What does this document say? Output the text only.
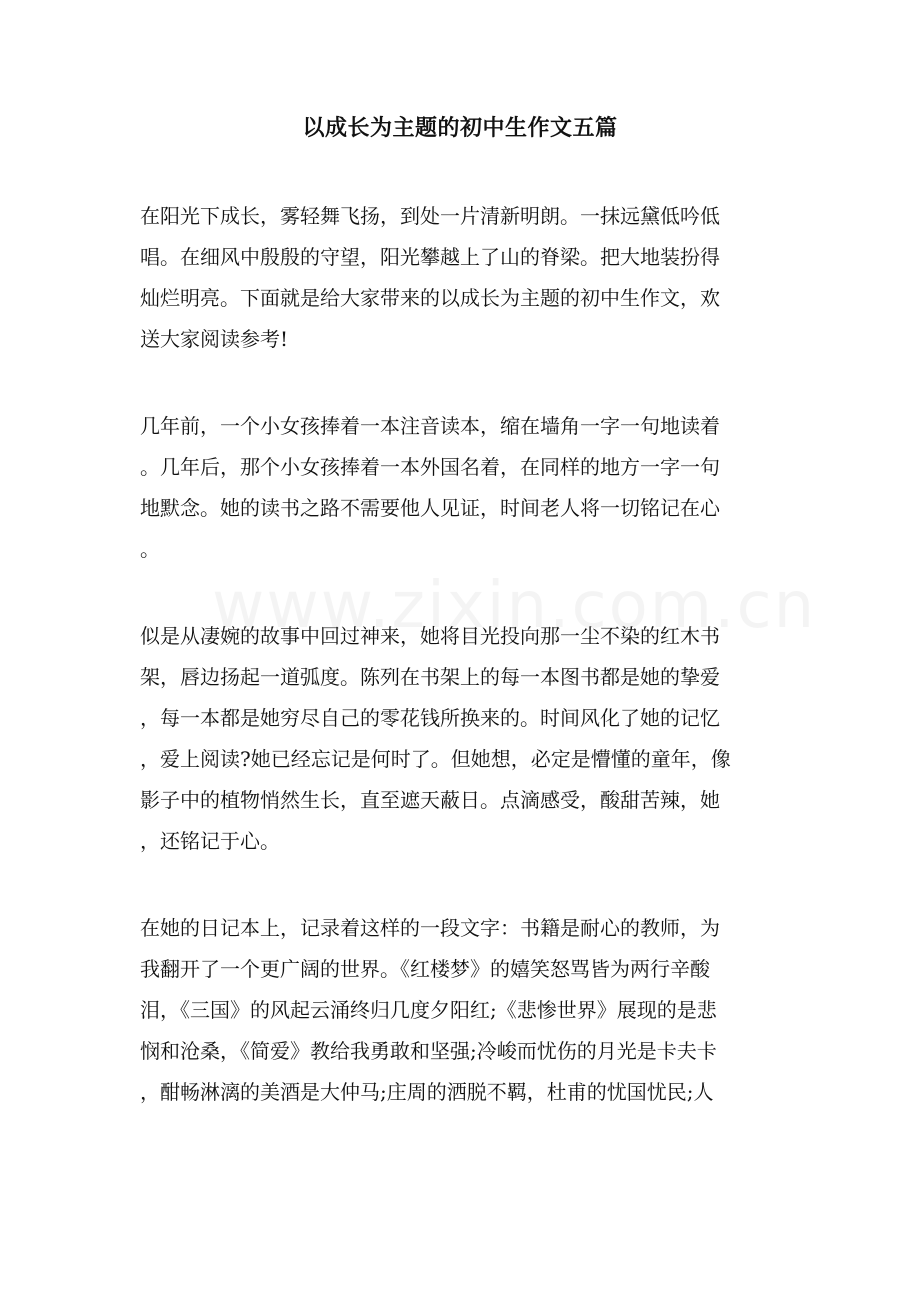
以成长为主题的初中生作文五篇
在阳光下成长，雾轻舞飞扬，到处一片清新明朗。一抹远黛低吟低
唱。在细风中殷殷的守望，阳光攀越上了山的脊梁。把大地装扮得
灿烂明亮。下面就是给大家带来的以成长为主题的初中生作文，欢
送大家阅读参考!
几年前，一个小女孩捧着一本注音读本，缩在墙角一字一句地读着
。几年后，那个小女孩捧着一本外国名着，在同样的地方一字一句
地默念。她的读书之路不需要他人见证，时间老人将一切铭记在心
。
似是从凄婉的故事中回过神来，她将目光投向那一尘不染的红木书
架，唇边扬起一道弧度。陈列在书架上的每一本图书都是她的挚爱
，每一本都是她穷尽自己的零花钱所换来的。时间风化了她的记忆
，爱上阅读?她已经忘记是何时了。但她想，必定是懵懂的童年，像
影子中的植物悄然生长，直至遮天蔽日。点滴感受，酸甜苦辣，她
，还铭记于心。
在她的日记本上，记录着这样的一段文字：书籍是耐心的教师，为
我翻开了一个更广阔的世界。《红楼梦》的嬉笑怒骂皆为两行辛酸
泪，《三国》的风起云涌终归几度夕阳红;《悲惨世界》展现的是悲
悯和沧桑，《简爱》教给我勇敢和坚强;冷峻而忧伤的月光是卡夫卡
，酣畅淋漓的美酒是大仲马;庄周的洒脱不羁，杜甫的忧国忧民;人
